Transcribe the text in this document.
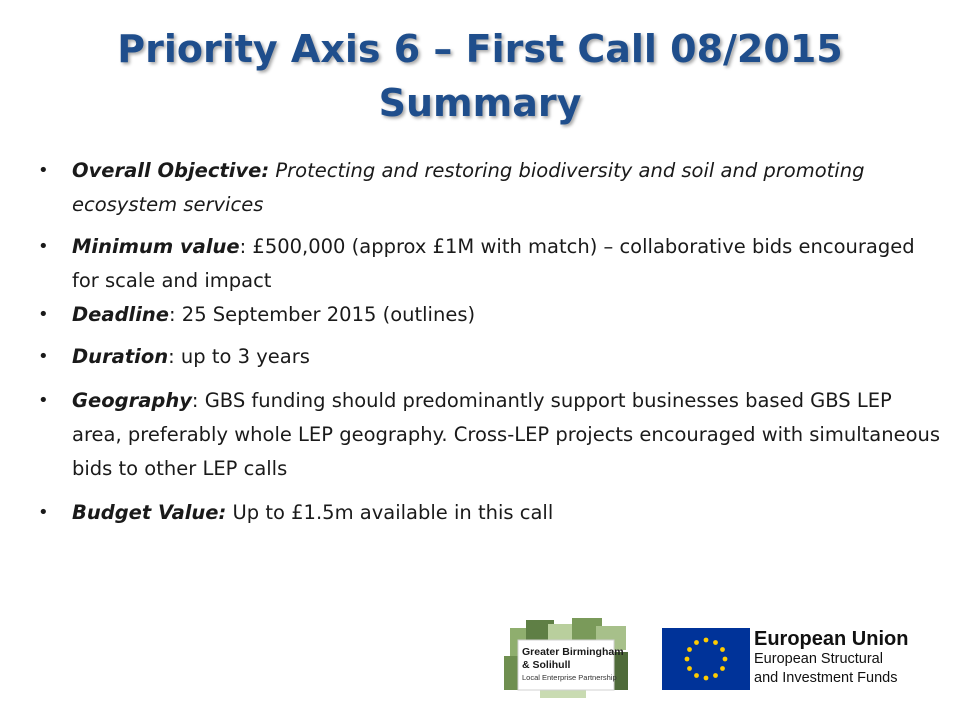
Priority Axis 6 – First Call 08/2015
Summary
• Overall Objective: Protecting and restoring biodiversity and soil and promoting ecosystem services
• Minimum value: £500,000 (approx £1M with match) – collaborative bids encouraged for scale and impact
• Deadline: 25 September 2015 (outlines)
• Duration: up to 3 years
• Geography: GBS funding should predominantly support businesses based GBS LEP area, preferably whole LEP geography. Cross-LEP projects encouraged with simultaneous bids to other LEP calls
• Budget Value: Up to £1.5m available in this call
Greater Birmingham
& Solihull
Local Enterprise Partnership
European Union
European Structural
and Investment Funds
